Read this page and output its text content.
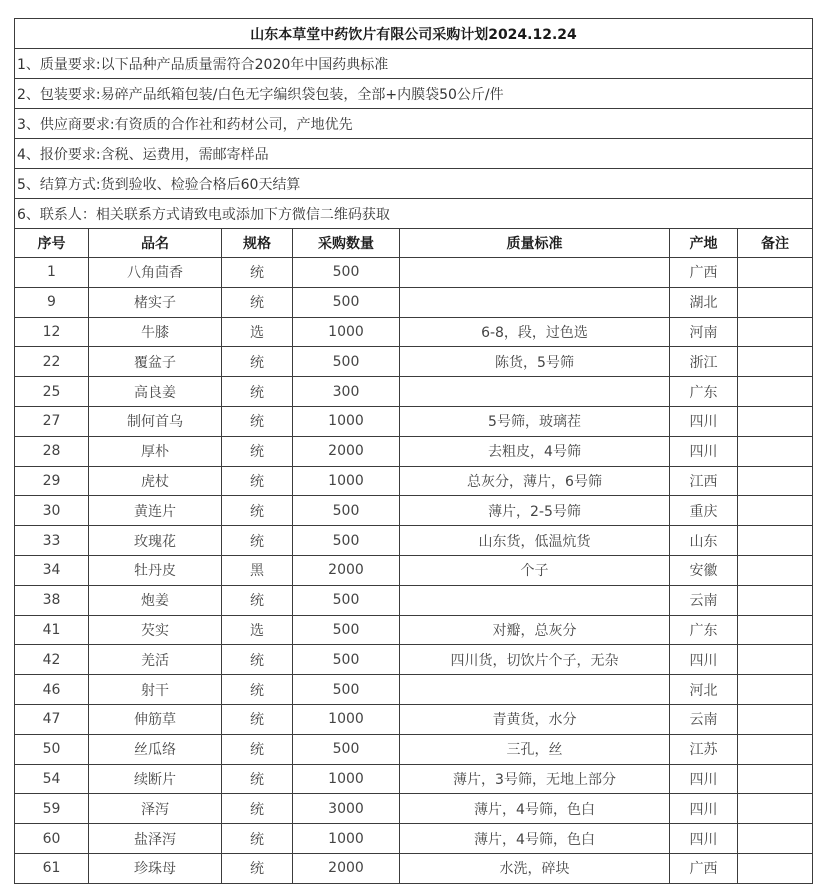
山东本草堂中药饮片有限公司采购计划2024.12.24						
1、质量要求:以下品种产品质量需符合2020年中国药典标准						
2、包装要求:易碎产品纸箱包装/白色无字编织袋包装，全部+内膜袋50公斤/件						
3、供应商要求:有资质的合作社和药材公司，产地优先						
4、报价要求:含税、运费用，需邮寄样品						
5、结算方式:货到验收、检验合格后60天结算						
6、联系人：相关联系方式请致电或添加下方微信二维码获取						
序号	品名	规格	采购数量	质量标准	产地	备注
1	八角茴香	统	500		广西	
9	楮实子	统	500		湖北	
12	牛膝	选	1000	6-8，段，过色选	河南	
22	覆盆子	统	500	陈货，5号筛	浙江	
25	高良姜	统	300		广东	
27	制何首乌	统	1000	5号筛，玻璃茬	四川	
28	厚朴	统	2000	去粗皮，4号筛	四川	
29	虎杖	统	1000	总灰分，薄片，6号筛	江西	
30	黄连片	统	500	薄片，2-5号筛	重庆	
33	玫瑰花	统	500	山东货，低温炕货	山东	
34	牡丹皮	黑	2000	个子	安徽	
38	炮姜	统	500		云南	
41	芡实	选	500	对瓣，总灰分	广东	
42	羌活	统	500	四川货，切饮片个子，无杂	四川	
46	射干	统	500		河北	
47	伸筋草	统	1000	青黄货，水分	云南	
50	丝瓜络	统	500	三孔，丝	江苏	
54	续断片	统	1000	薄片，3号筛，无地上部分	四川	
59	泽泻	统	3000	薄片，4号筛，色白	四川	
60	盐泽泻	统	1000	薄片，4号筛，色白	四川	
61	珍珠母	统	2000	水洗，碎块	广西	
